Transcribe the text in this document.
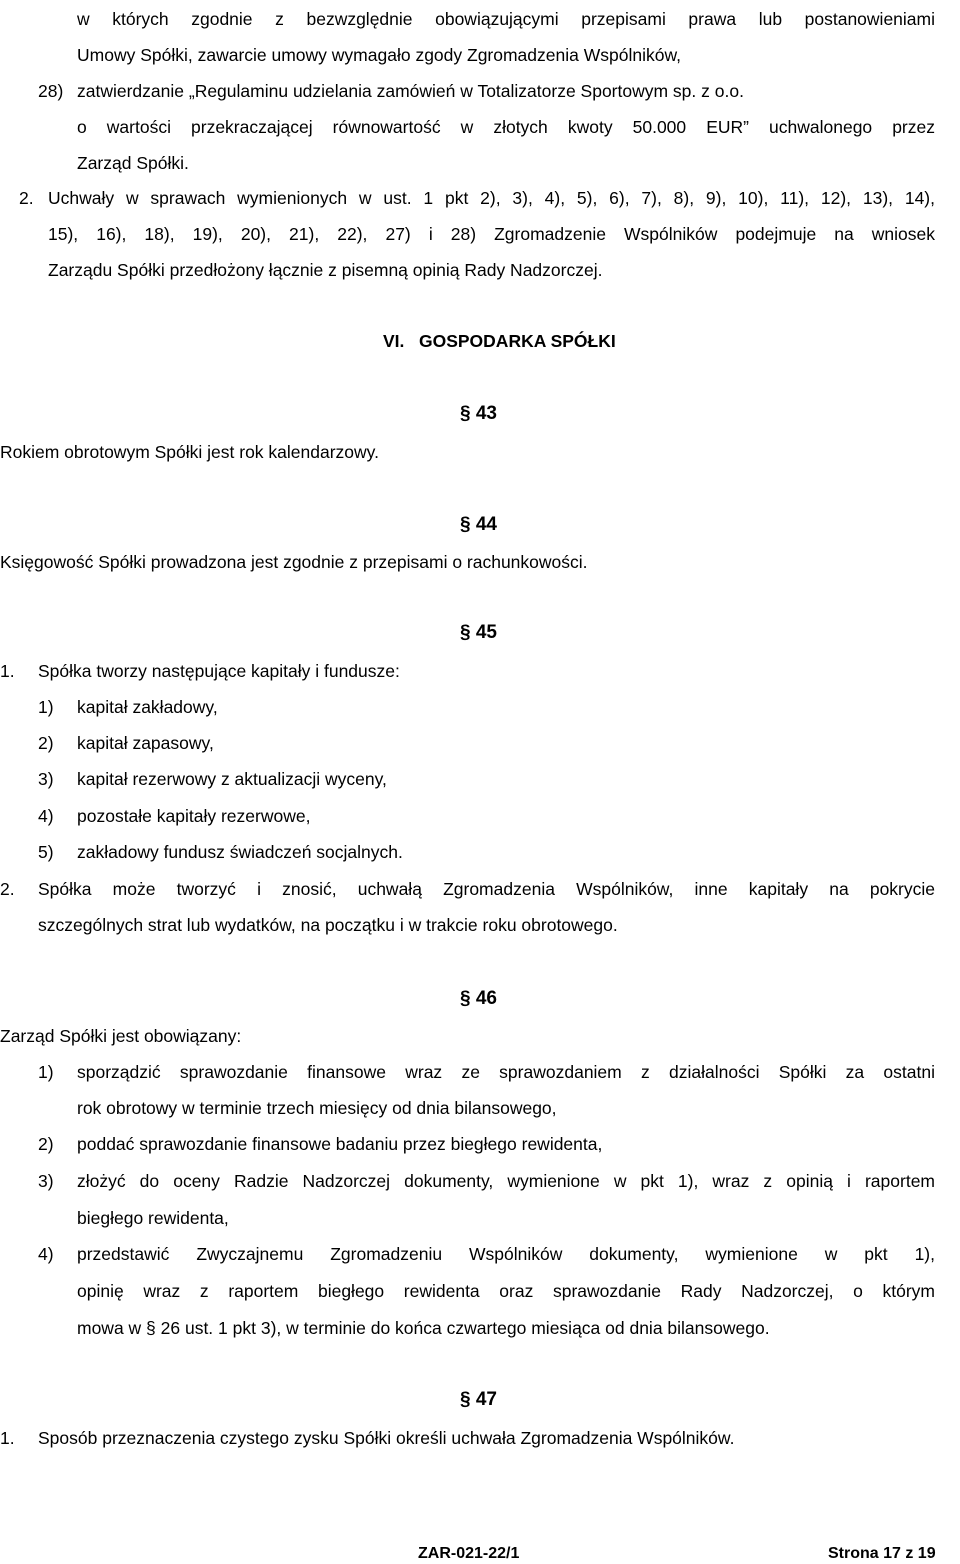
w których zgodnie z bezwzględnie obowiązującymi przepisami prawa lub postanowieniami
Umowy Spółki, zawarcie umowy wymagało zgody Zgromadzenia Wspólników,
28) zatwierdzanie „Regulaminu udzielania zamówień w Totalizatorze Sportowym sp. z o.o.
o wartości przekraczającej równowartość w złotych kwoty 50.000 EUR” uchwalonego przez
Zarząd Spółki.
2. Uchwały w sprawach wymienionych w ust. 1 pkt 2), 3), 4), 5), 6), 7), 8), 9), 10), 11), 12), 13), 14),
15), 16), 18), 19), 20), 21), 22), 27) i 28) Zgromadzenie Wspólników podejmuje na wniosek
Zarządu Spółki przedłożony łącznie z pisemną opinią Rady Nadzorczej.
VI.   GOSPODARKA SPÓŁKI
§ 43
Rokiem obrotowym Spółki jest rok kalendarzowy.
§ 44
Księgowość Spółki prowadzona jest zgodnie z przepisami o rachunkowości.
§ 45
1. Spółka tworzy następujące kapitały i fundusze:
1) kapitał zakładowy,
2) kapitał zapasowy,
3) kapitał rezerwowy z aktualizacji wyceny,
4) pozostałe kapitały rezerwowe,
5) zakładowy fundusz świadczeń socjalnych.
2. Spółka może tworzyć i znosić, uchwałą Zgromadzenia Wspólników, inne kapitały na pokrycie
szczególnych strat lub wydatków, na początku i w trakcie roku obrotowego.
§ 46
Zarząd Spółki jest obowiązany:
1) sporządzić sprawozdanie finansowe wraz ze sprawozdaniem z działalności Spółki za ostatni
rok obrotowy w terminie trzech miesięcy od dnia bilansowego,
2) poddać sprawozdanie finansowe badaniu przez biegłego rewidenta,
3) złożyć do oceny Radzie Nadzorczej dokumenty, wymienione w pkt 1), wraz z opinią i raportem
biegłego rewidenta,
4) przedstawić Zwyczajnemu Zgromadzeniu Wspólników dokumenty, wymienione w pkt 1),
opinię wraz z raportem biegłego rewidenta oraz sprawozdanie Rady Nadzorczej, o którym
mowa w § 26 ust. 1 pkt 3), w terminie do końca czwartego miesiąca od dnia bilansowego.
§ 47
1. Sposób przeznaczenia czystego zysku Spółki określi uchwała Zgromadzenia Wspólników.
ZAR-021-22/1	Strona 17 z 19
